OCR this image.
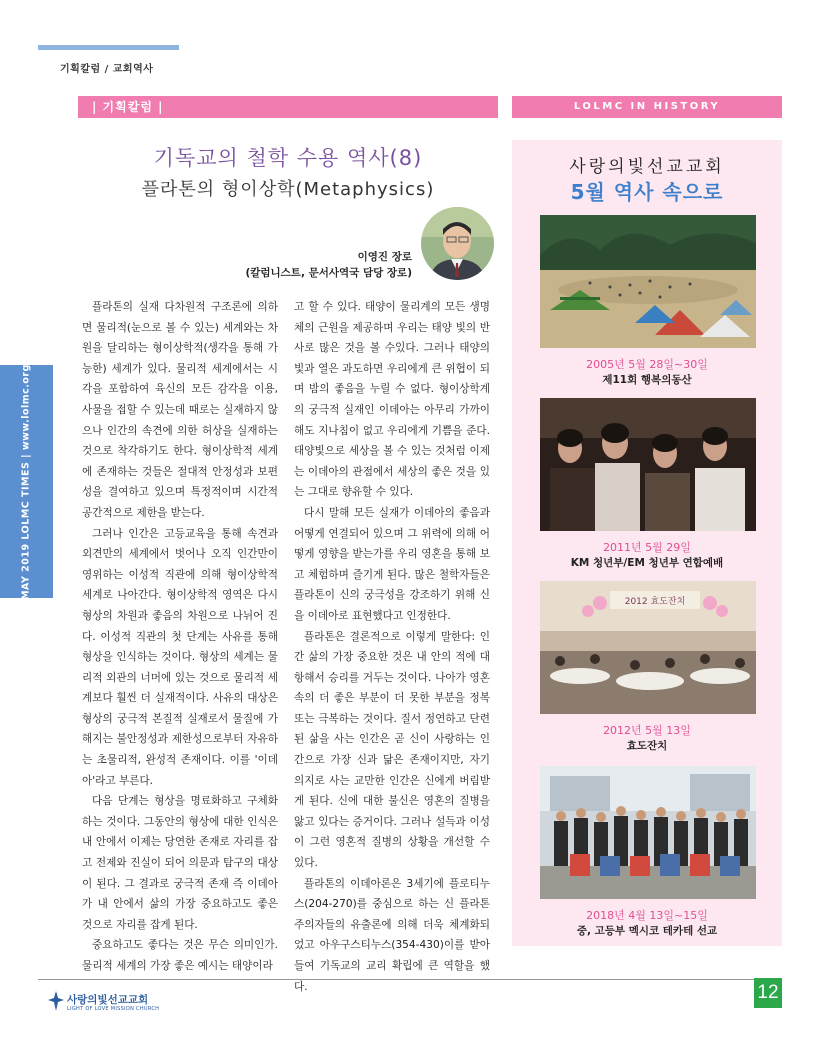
기획칼럼 / 교회역사
| 기획칼럼 |	LOLMC IN HISTORY
기독교의 철학 수용 역사(8)
플라톤의 형이상학(Metaphysics)
이영진 장로
(칼럼니스트, 문서사역국 담당 장로)
MAY 2019 LOLMC TIMES | www.lolmc.org

플라톤의 실재 다차원적 구조론에 의하면 물리적(눈으로 볼 수 있는) 세계와는 차원을 달리하는 형이상학적(생각을 통해 가능한) 세계가 있다. 물리적 세계에서는 시각을 포함하여 육신의 모든 감각을 이용, 사물을 접할 수 있는데 때로는 실재하지 않으나 인간의 속견에 의한 허상을 실재하는 것으로 착각하기도 한다. 형이상학적 세계에 존재하는 것들은 절대적 안정성과 보편성을 결여하고 있으며 특정적이며 시간적 공간적으로 제한을 받는다.

그러나 인간은 고등교육을 통해 속견과 외견만의 세계에서 벗어나 오직 인간만이 영위하는 이성적 직관에 의해 형이상학적 세계로 나아간다. 형이상학적 영역은 다시 형상의 차원과 좋음의 차원으로 나뉘어 진다. 이성적 직관의 첫 단계는 사유를 통해 형상을 인식하는 것이다. 형상의 세계는 물리적 외관의 너머에 있는 것으로 물리적 세계보다 훨씬 더 실재적이다. 사유의 대상은 형상의 궁극적 본질적 실재로서 물질에 가해지는 불안정성과 제한성으로부터 자유하는 초물리적, 완성적 존재이다. 이를 '이데아'라고 부른다.

다음 단계는 형상을 명료화하고 구체화하는 것이다. 그동안의 형상에 대한 인식은 내 안에서 이제는 당연한 존재로 자리를 잡고 전제와 진실이 되어 의문과 탐구의 대상이 된다. 그 결과로 궁극적 존재 즉 이데아가 내 안에서 삶의 가장 중요하고도 좋은 것으로 자리를 잡게 된다.

중요하고도 좋다는 것은 무슨 의미인가. 물리적 세계의 가장 좋은 예시는 태양이라

고 할 수 있다. 태양이 물리계의 모든 생명체의 근원을 제공하며 우리는 태양 빛의 반사로 많은 것을 볼 수있다. 그러나 태양의 빛과 열은 과도하면 우리에게 큰 위협이 되며 밤의 좋음을 누릴 수 없다. 형이상학계의 궁극적 실재인 이데아는 아무리 가까이 해도 지나침이 없고 우리에게 기쁨을 준다. 태양빛으로 세상을 볼 수 있는 것처럼 이제는 이데아의 관점에서 세상의 좋은 것을 있는 그대로 향유할 수 있다.

다시 말해 모든 실재가 이데아의 좋음과 어떻게 연결되어 있으며 그 위력에 의해 어떻게 영향을 받는가를 우리 영혼을 통해 보고 체험하며 즐기게 된다. 많은 철학자들은 플라톤이 신의 궁극성을 강조하기 위해 신을 이데아로 표현했다고 인정한다.

플라톤은 결론적으로 이렇게 말한다: 인간 삶의 가장 중요한 것은 내 안의 적에 대항해서 승리를 거두는 것이다. 나아가 영혼속의 더 좋은 부분이 더 못한 부분을 정복 또는 극복하는 것이다. 질서 정연하고 단련된 삶을 사는 인간은 곧 신이 사랑하는 인간으로 가장 신과 닮은 존재이지만, 자기 의지로 사는 교만한 인간은 신에게 버림받게 된다. 신에 대한 불신은 영혼의 질병을 앓고 있다는 증거이다. 그러나 설득과 이성이 그런 영혼적 질병의 상황을 개선할 수 있다.

플라톤의 이데아론은 3세기에 플로티누스(204-270)를 중심으로 하는 신 플라톤 주의자들의 유출론에 의해 더욱 체계화되었고 아우구스티누스(354-430)이를 받아들여 기독교의 교리 확립에 큰 역할을 했다.

사랑의빛선교교회
5월 역사 속으로
2005년 5월 28일~30일
제11회 행복의동산
2011년 5월 29일
KM 청년부/EM 청년부 연합예배
2012 효도잔치
2012년 5월 13일
효도잔치
2018년 4월 13일~15일
중, 고등부 멕시코 테카테 선교
사랑의빛선교교회
LIGHT OF LOVE MISSION CHURCH
12
